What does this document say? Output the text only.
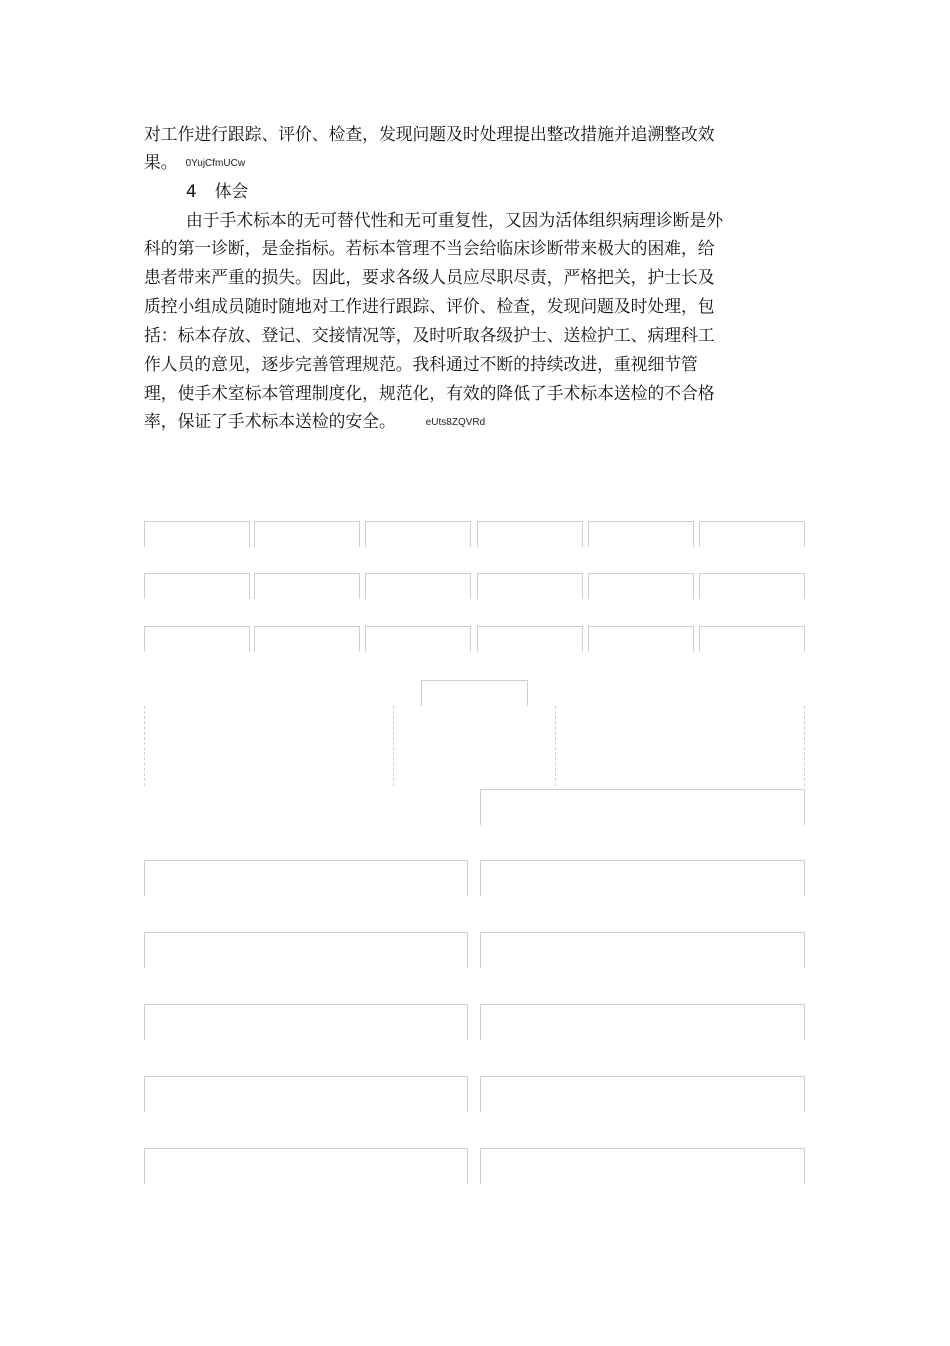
对工作进行跟踪、评价、检查，发现问题及时处理提出整改措施并追溯整改效

果。 0YujCfmUCw

4 体会

由于手术标本的无可替代性和无可重复性，又因为活体组织病理诊断是外

科的第一诊断，是金指标。若标本管理不当会给临床诊断带来极大的困难，给

患者带来严重的损失。因此，要求各级人员应尽职尽责，严格把关，护士长及

质控小组成员随时随地对工作进行跟踪、评价、检查，发现问题及时处理，包

括：标本存放、登记、交接情况等，及时听取各级护士、送检护工、病理科工

作人员的意见，逐步完善管理规范。我科通过不断的持续改进，重视细节管

理，使手术室标本管理制度化，规范化，有效的降低了手术标本送检的不合格

率，保证了手术标本送检的安全。	eUts8ZQVRd
